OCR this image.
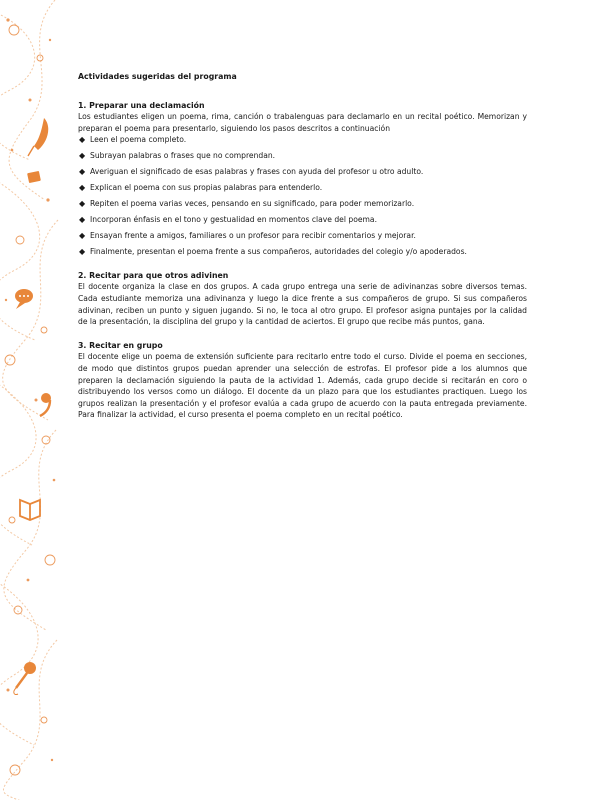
Actividades sugeridas del programa

1. Preparar una declamación

Los estudiantes eligen un poema, rima, canción o trabalenguas para declamarlo en un recital poético. Memorizan y preparan el poema para presentarlo, siguiendo los pasos descritos a continuación

◆ Leen el poema completo.
◆ Subrayan palabras o frases que no comprendan.
◆ Averiguan el significado de esas palabras y frases con ayuda del profesor u otro adulto.
◆ Explican el poema con sus propias palabras para entenderlo.
◆ Repiten el poema varias veces, pensando en su significado, para poder memorizarlo.
◆ Incorporan énfasis en el tono y gestualidad en momentos clave del poema.
◆ Ensayan frente a amigos, familiares o un profesor para recibir comentarios y mejorar.
◆ Finalmente, presentan el poema frente a sus compañeros, autoridades del colegio y/o apoderados.

2. Recitar para que otros adivinen

El docente organiza la clase en dos grupos. A cada grupo entrega una serie de adivinanzas sobre diversos temas. Cada estudiante memoriza una adivinanza y luego la dice frente a sus compañeros de grupo. Si sus compañeros adivinan, reciben un punto y siguen jugando. Si no, le toca al otro grupo. El profesor asigna puntajes por la calidad de la presentación, la disciplina del grupo y la cantidad de aciertos. El grupo que recibe más puntos, gana.

3. Recitar en grupo

El docente elige un poema de extensión suficiente para recitarlo entre todo el curso. Divide el poema en secciones, de modo que distintos grupos puedan aprender una selección de estrofas. El profesor pide a los alumnos que preparen la declamación siguiendo la pauta de la actividad 1. Además, cada grupo decide si recitarán en coro o distribuyendo los versos como un diálogo. El docente da un plazo para que los estudiantes practiquen. Luego los grupos realizan la presentación y el profesor evalúa a cada grupo de acuerdo con la pauta entregada previamente. Para finalizar la actividad, el curso presenta el poema completo en un recital poético.
